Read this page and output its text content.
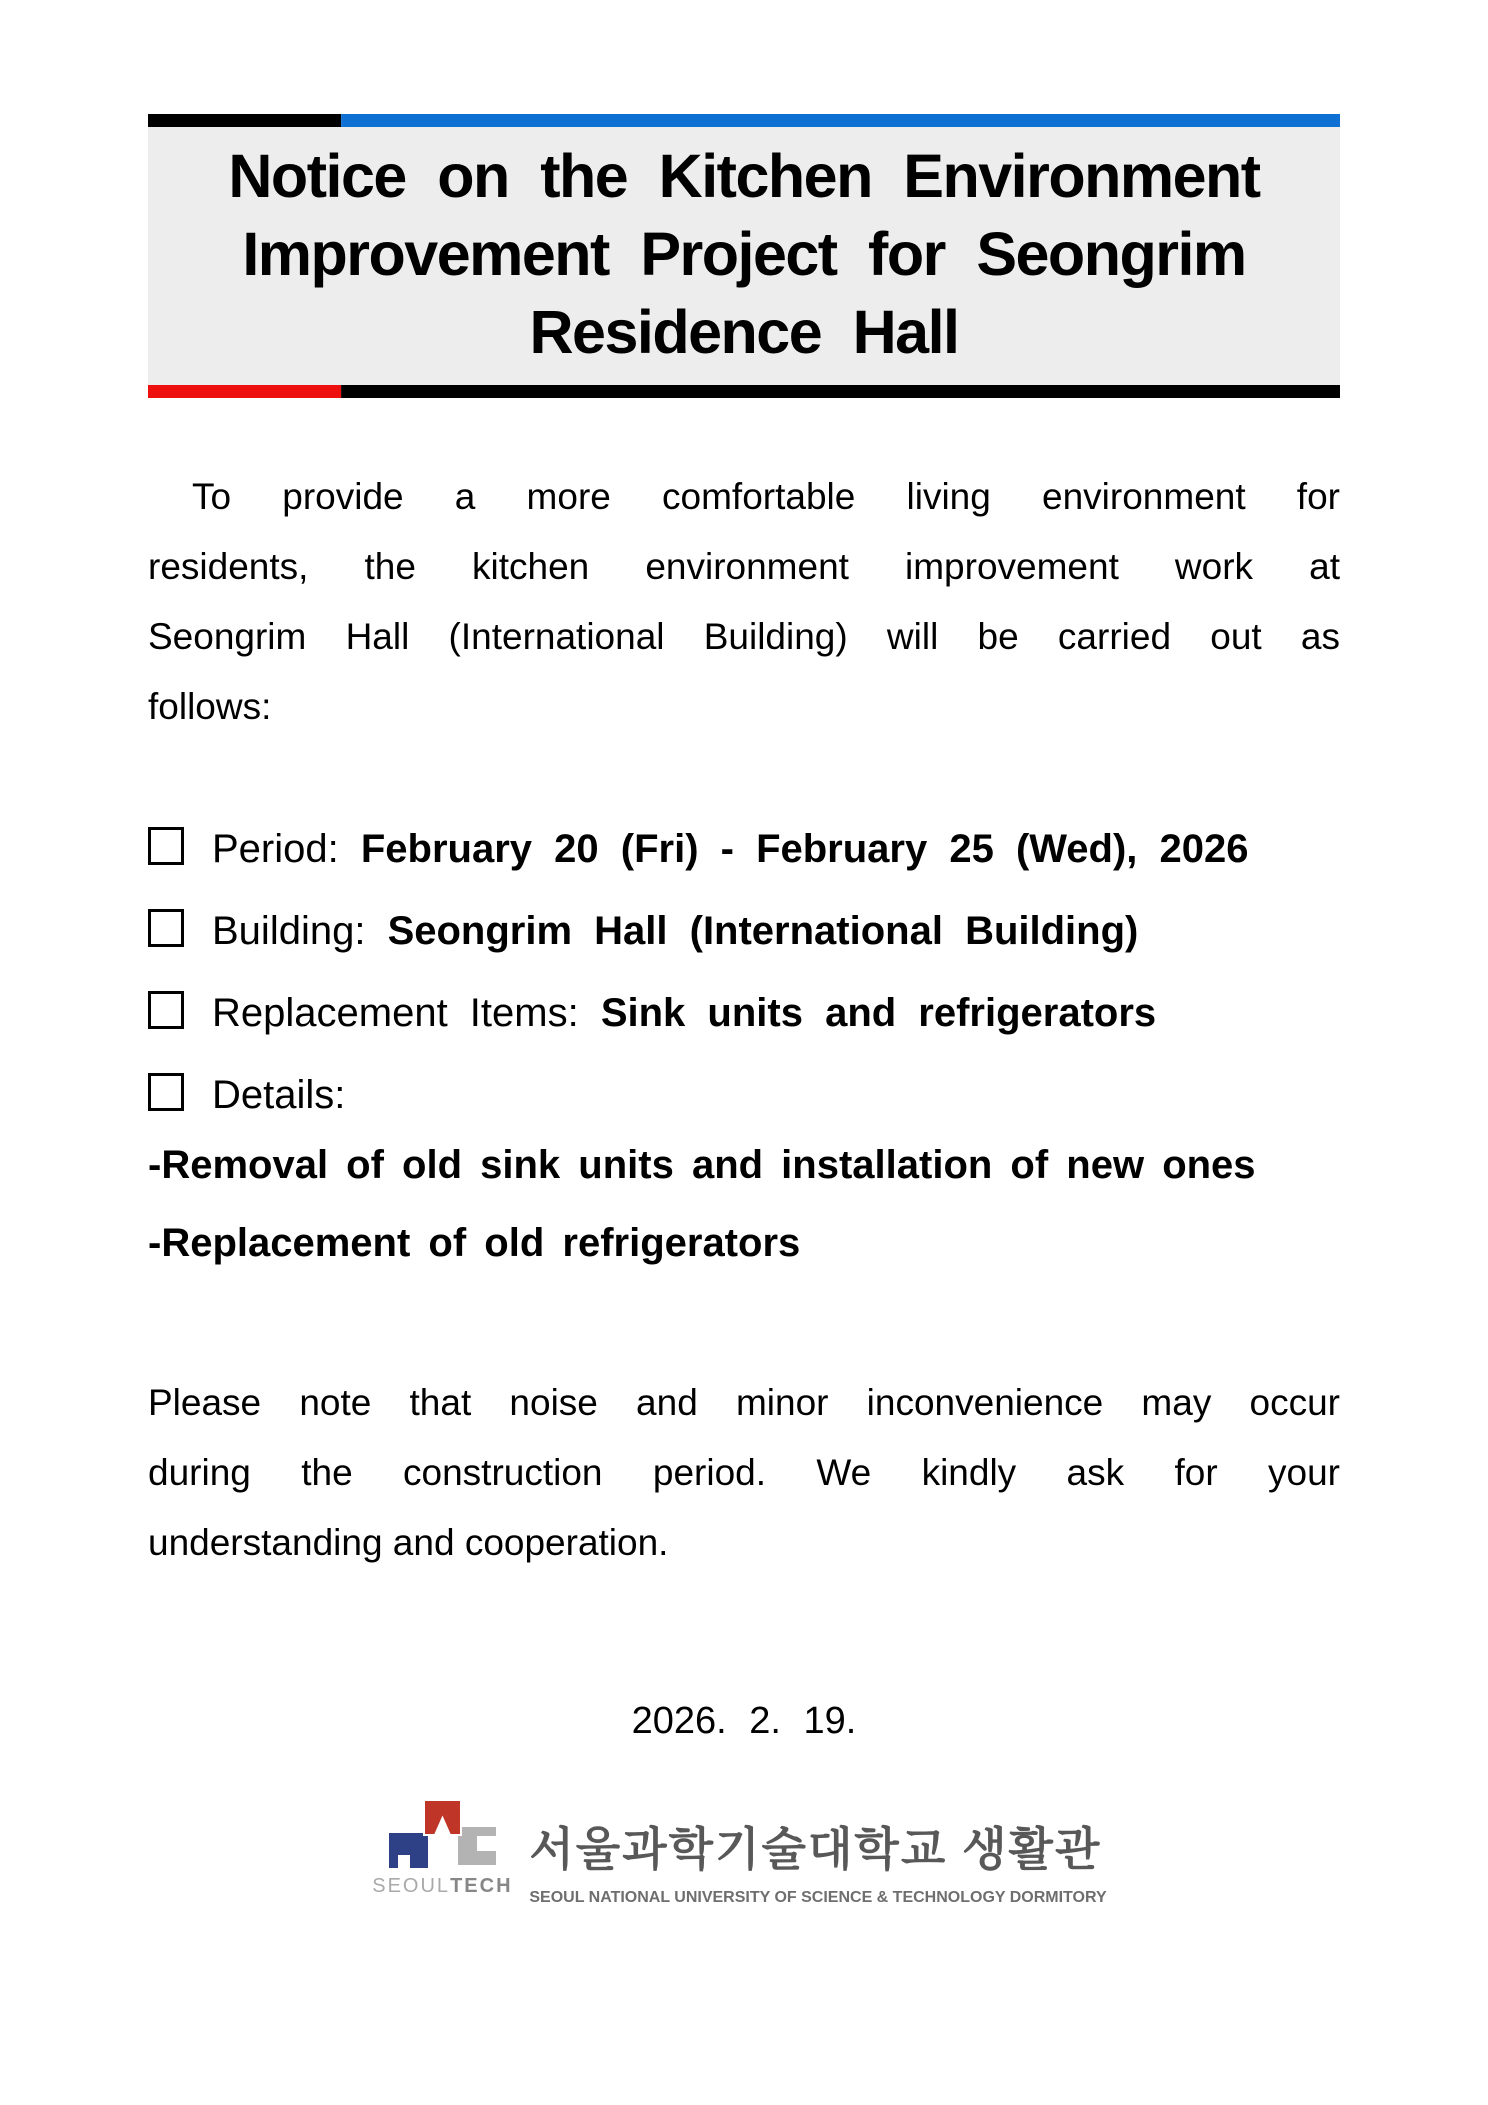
Notice on the Kitchen Environment
Improvement Project for Seongrim
Residence Hall
To provide a more comfortable living environment for
residents, the kitchen environment improvement work at
Seongrim Hall (International Building) will be carried out as
follows:
Period: February 20 (Fri) - February 25 (Wed), 2026
Building: Seongrim Hall (International Building)
Replacement Items: Sink units and refrigerators
Details:
-Removal of old sink units and installation of new ones
-Replacement of old refrigerators
Please note that noise and minor inconvenience may occur
during the construction period. We kindly ask for your
understanding and cooperation.
2026. 2. 19.
SEOULTECH
서울과학기술대학교 생활관
SEOUL NATIONAL UNIVERSITY OF SCIENCE & TECHNOLOGY DORMITORY
